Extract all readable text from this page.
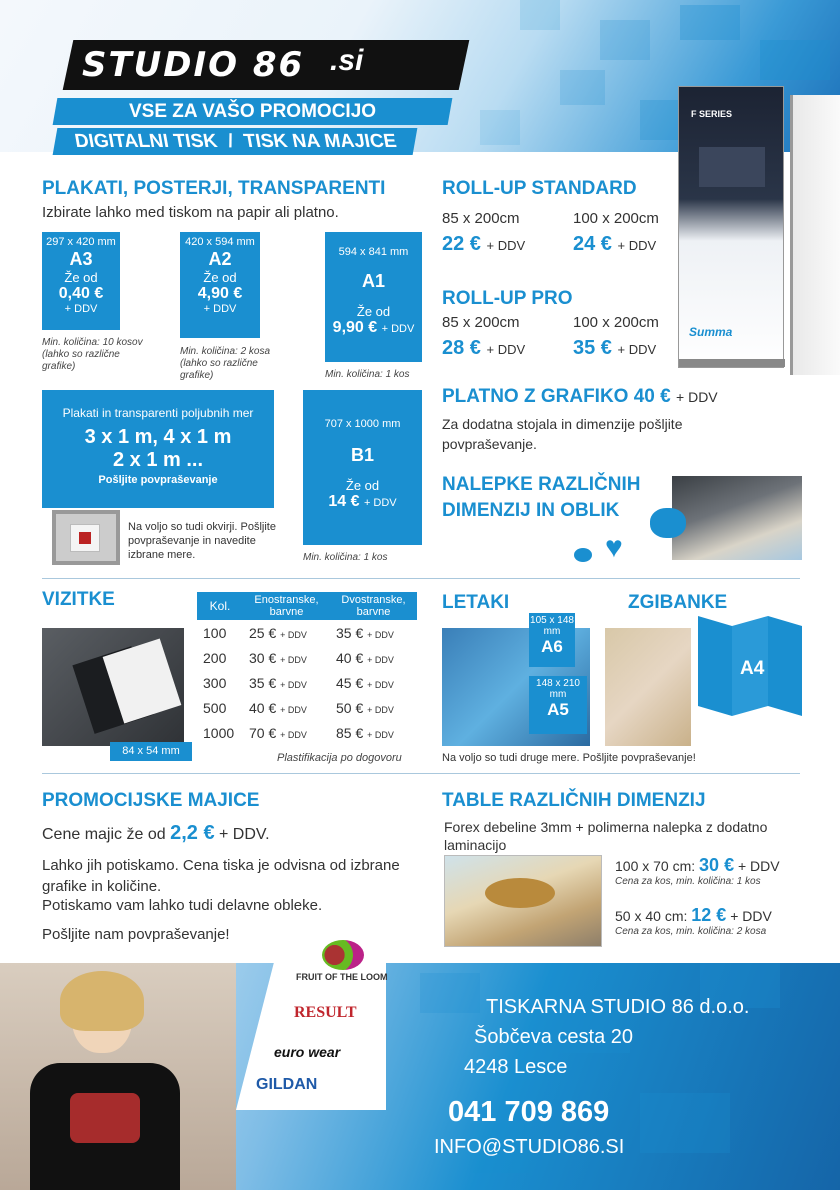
STUDIO 86 .si
VSE ZA VAŠO PROMOCIJO
DIGITALNI TISK / TISK NA MAJICE
PLAKATI, POSTERJI, TRANSPARENTI
Izbirate lahko med tiskom na papir ali platno.
297 x 420 mm
A3
Že od
0,40 €
+ DDV
Min. količina: 10 kosov (lahko so različne grafike)
420 x 594 mm
A2
Že od
4,90 €
+ DDV
Min. količina: 2 kosa (lahko so različne grafike)
594 x 841 mm
A1
Že od
9,90 € + DDV
Min. količina: 1 kos
Plakati in transparenti poljubnih mer
3 x 1 m, 4 x 1 m
2 x 1 m ...
Pošljite povpraševanje
Na voljo so tudi okvirji. Pošljite povpraševanje in navedite izbrane mere.
707 x 1000 mm
B1
Že od
14 € + DDV
Min. količina: 1 kos
ROLL-UP STANDARD
85 x 200cm	100 x 200cm
22 € + DDV 24 € + DDV
ROLL-UP PRO
85 x 200cm	100 x 200cm
28 € + DDV 35 € + DDV
F SERIES
Summa
PLATNO Z GRAFIKO 40 € + DDV
Za dodatna stojala in dimenzije pošljite povpraševanje.
NALEPKE RAZLIČNIH
DIMENZIJ IN OBLIK
♥
VIZITKE
84 x 54 mm
Kol.	Enostranske, barvne	Dvostranske, barvne
100	25 € + DDV	35 € + DDV
200	30 € + DDV	40 € + DDV
300	35 € + DDV	45 € + DDV
500	40 € + DDV	50 € + DDV
1000	70 € + DDV	85 € + DDV
Plastifikacija po dogovoru
LETAKI
105 x 148 mm
A6
148 x 210 mm
A5
ZGIBANKE
A4
Na voljo so tudi druge mere. Pošljite povpraševanje!
PROMOCIJSKE MAJICE
Cene majic že od 2,2 € + DDV.
Lahko jih potiskamo. Cena tiska je odvisna od izbrane grafike in količine.
Potiskamo vam lahko tudi delavne obleke.
Pošljite nam povpraševanje!
TABLE RAZLIČNIH DIMENZIJ
Forex debeline 3mm + polimerna nalepka z dodatno laminacijo
100 x 70 cm: 30 € + DDV
Cena za kos, min. količina: 1 kos
50 x 40 cm: 12 € + DDV
Cena za kos, min. količina: 2 kosa
FRUIT OF THE LOOM
RESULT
euro wear
GILDAN
TISKARNA STUDIO 86 d.o.o.
Šobčeva cesta 20
4248 Lesce
041 709 869
INFO@STUDIO86.SI
